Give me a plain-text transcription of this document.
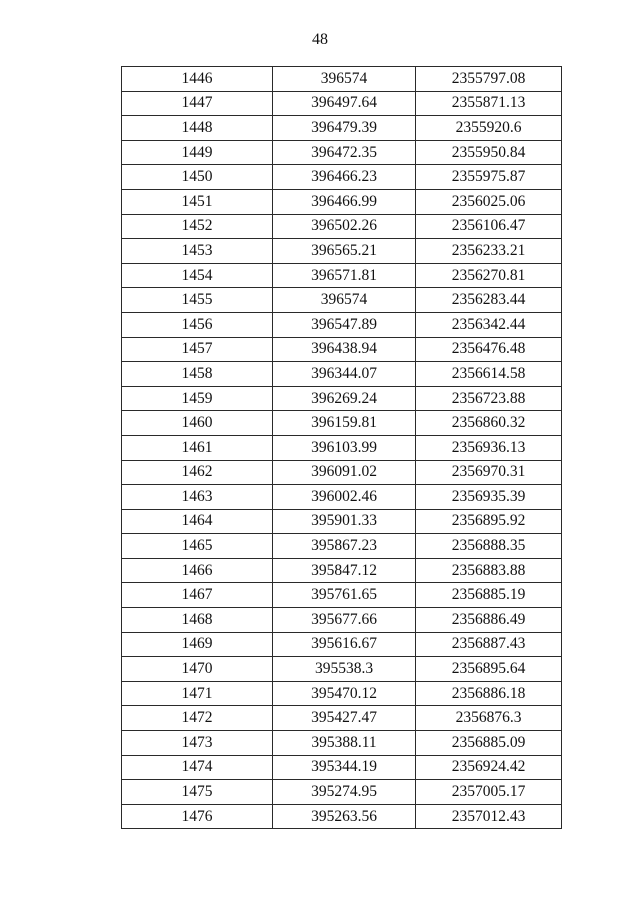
48
1446	396574	2355797.08
1447	396497.64	2355871.13
1448	396479.39	2355920.6
1449	396472.35	2355950.84
1450	396466.23	2355975.87
1451	396466.99	2356025.06
1452	396502.26	2356106.47
1453	396565.21	2356233.21
1454	396571.81	2356270.81
1455	396574	2356283.44
1456	396547.89	2356342.44
1457	396438.94	2356476.48
1458	396344.07	2356614.58
1459	396269.24	2356723.88
1460	396159.81	2356860.32
1461	396103.99	2356936.13
1462	396091.02	2356970.31
1463	396002.46	2356935.39
1464	395901.33	2356895.92
1465	395867.23	2356888.35
1466	395847.12	2356883.88
1467	395761.65	2356885.19
1468	395677.66	2356886.49
1469	395616.67	2356887.43
1470	395538.3	2356895.64
1471	395470.12	2356886.18
1472	395427.47	2356876.3
1473	395388.11	2356885.09
1474	395344.19	2356924.42
1475	395274.95	2357005.17
1476	395263.56	2357012.43
